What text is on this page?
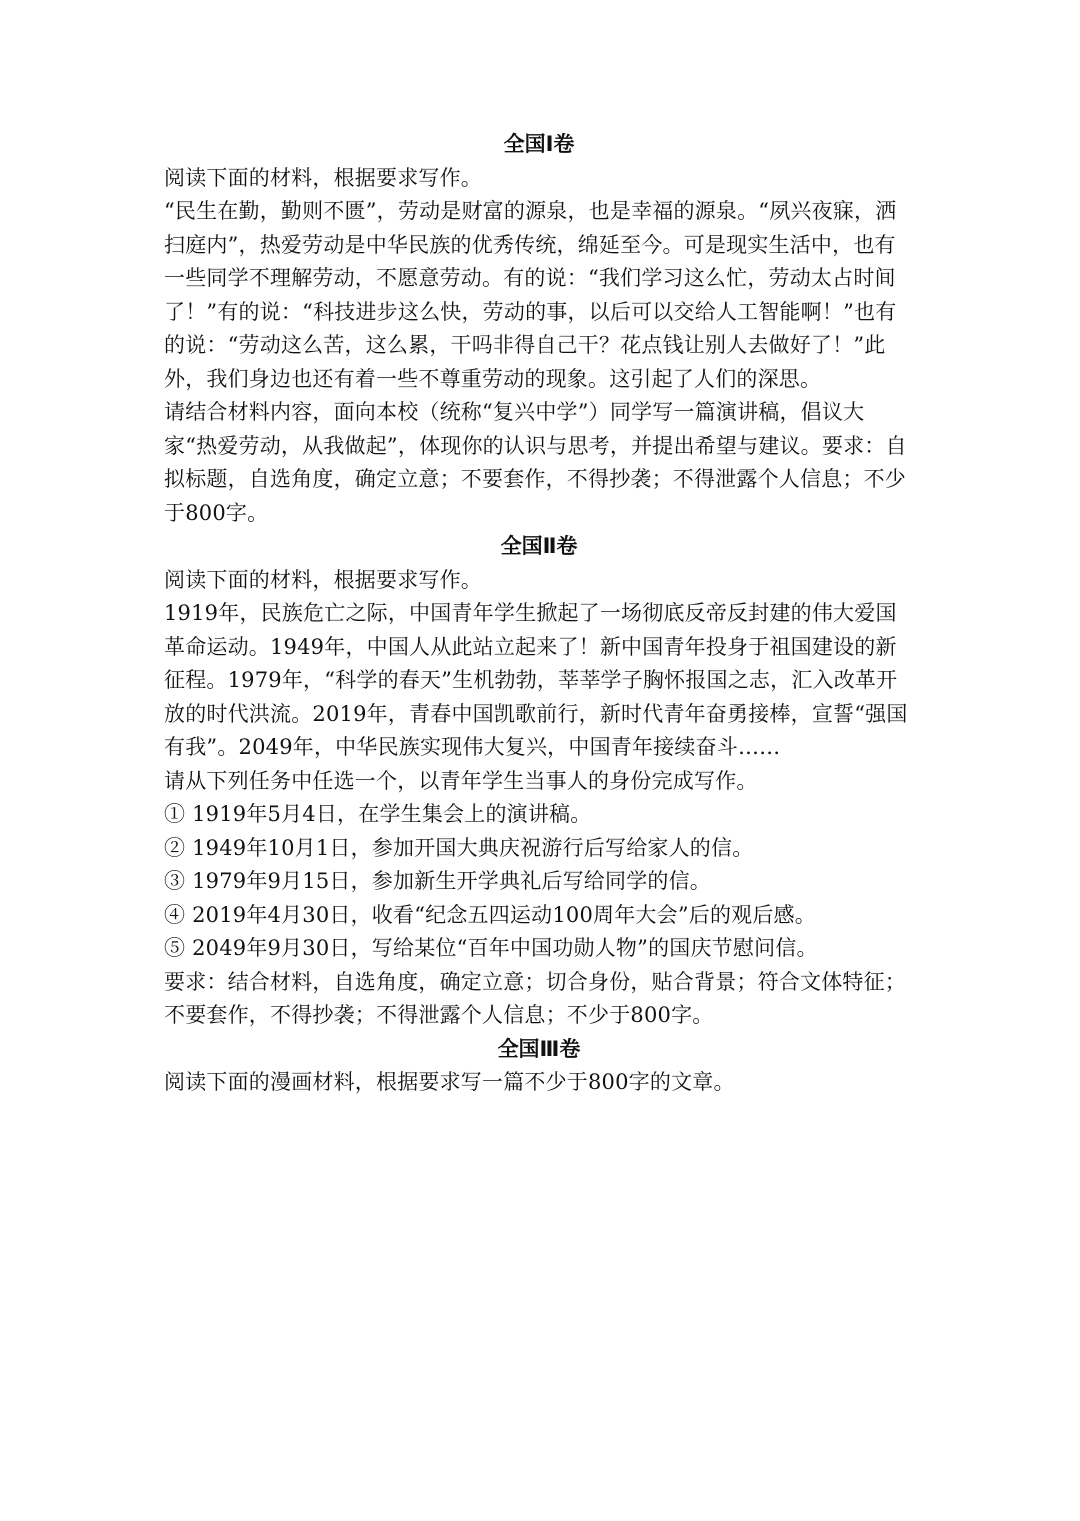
全国Ⅰ卷

阅读下面的材料，根据要求写作。

“民生在勤，勤则不匮”，劳动是财富的源泉，也是幸福的源泉。“夙兴夜寐，洒扫庭内”，热爱劳动是中华民族的优秀传统，绵延至今。可是现实生活中，也有一些同学不理解劳动，不愿意劳动。有的说：“我们学习这么忙，劳动太占时间了！”有的说：“科技进步这么快，劳动的事，以后可以交给人工智能啊！”也有的说：“劳动这么苦，这么累，干吗非得自己干？花点钱让别人去做好了！”此外，我们身边也还有着一些不尊重劳动的现象。这引起了人们的深思。

请结合材料内容，面向本校（统称“复兴中学”）同学写一篇演讲稿，倡议大家“热爱劳动，从我做起”，体现你的认识与思考，并提出希望与建议。要求：自拟标题，自选角度，确定立意；不要套作，不得抄袭；不得泄露个人信息；不少于800字。

全国Ⅱ卷

阅读下面的材料，根据要求写作。

1919年，民族危亡之际，中国青年学生掀起了一场彻底反帝反封建的伟大爱国革命运动。1949年，中国人从此站立起来了！新中国青年投身于祖国建设的新征程。1979年，“科学的春天”生机勃勃，莘莘学子胸怀报国之志，汇入改革开放的时代洪流。2019年，青春中国凯歌前行，新时代青年奋勇接棒，宣誓“强国有我”。2049年，中华民族实现伟大复兴，中国青年接续奋斗……

请从下列任务中任选一个，以青年学生当事人的身份完成写作。

① 1919年5月4日，在学生集会上的演讲稿。

② 1949年10月1日，参加开国大典庆祝游行后写给家人的信。

③ 1979年9月15日，参加新生开学典礼后写给同学的信。

④ 2019年4月30日，收看“纪念五四运动100周年大会”后的观后感。

⑤ 2049年9月30日，写给某位“百年中国功勋人物”的国庆节慰问信。

要求：结合材料，自选角度，确定立意；切合身份，贴合背景；符合文体特征；不要套作，不得抄袭；不得泄露个人信息；不少于800字。

全国Ⅲ卷

阅读下面的漫画材料，根据要求写一篇不少于800字的文章。
